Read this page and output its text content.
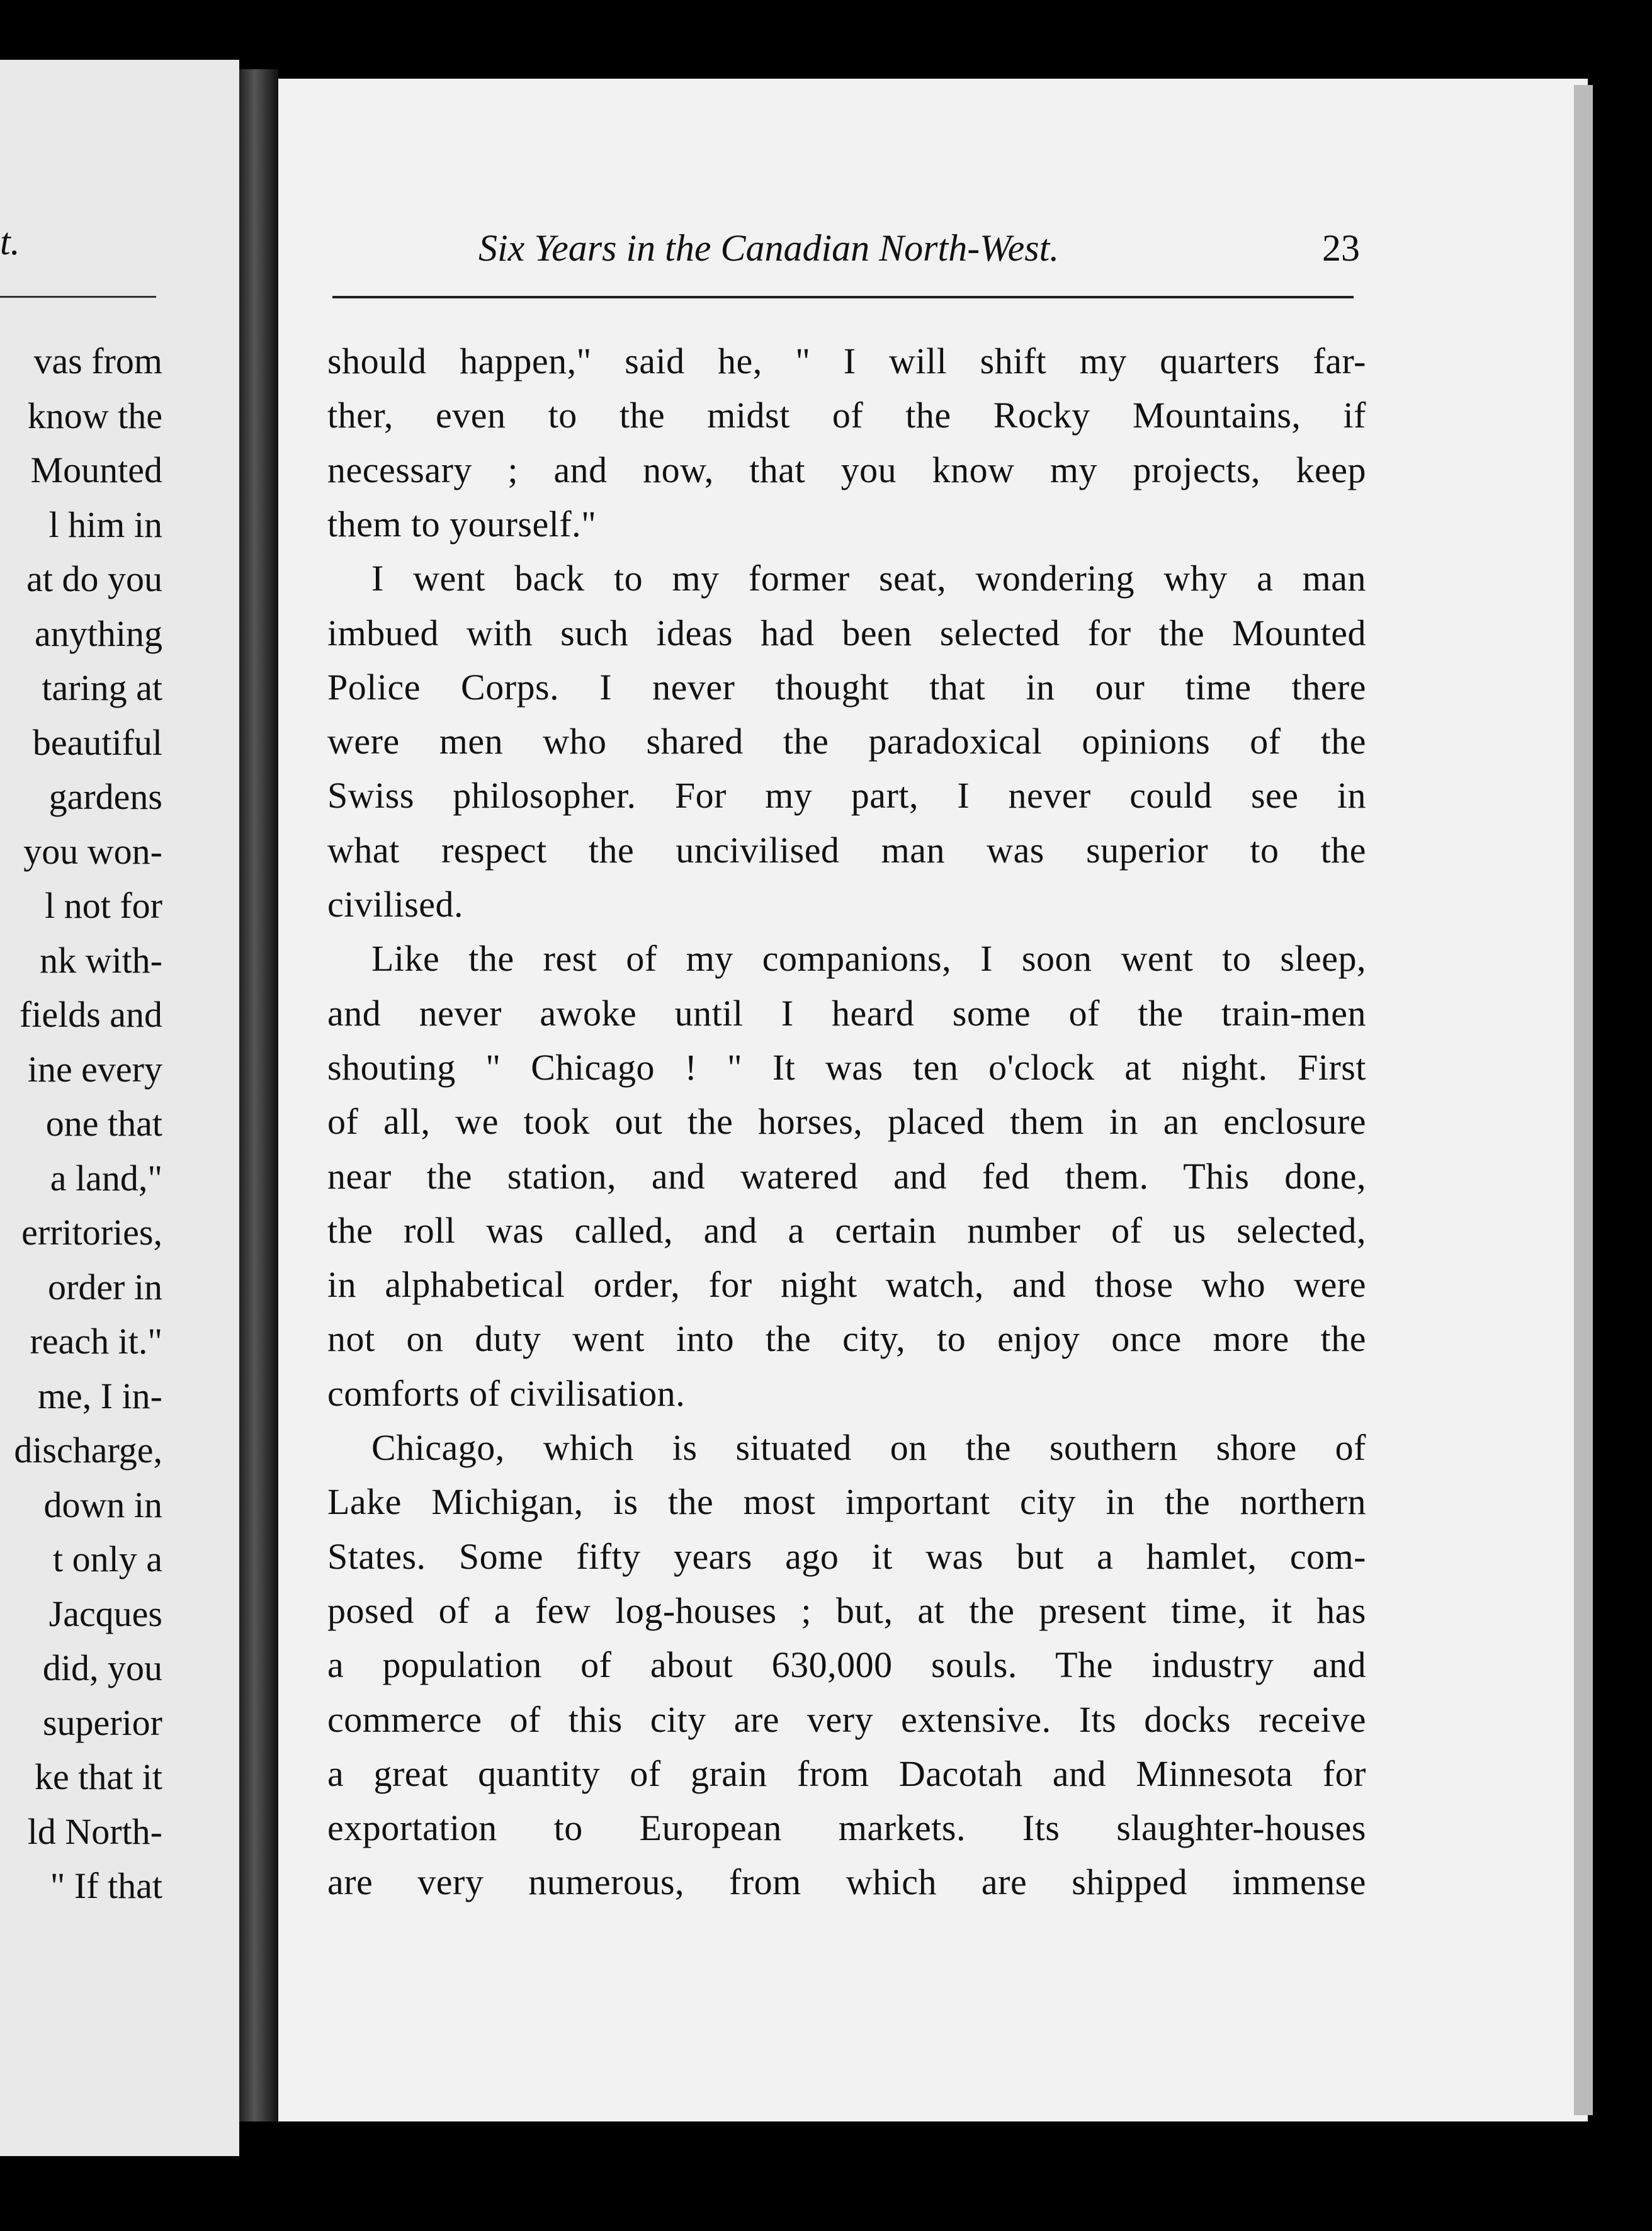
t.
vas from
know the
Mounted
l him in
at do you
anything
taring at
beautiful
gardens
you won-
l not for
nk with-
fields and
ine every
one that
a land,"
erritories,
order in
reach it."
me, I in-
discharge,
down in
t only a
Jacques
did, you
superior
ke that it
ld North-
" If that
Six Years in the Canadian North-West.	23
should happen," said he, " I will shift my quarters far-
ther, even to the midst of the Rocky Mountains, if
necessary ; and now, that you know my projects, keep
them to yourself."
I went back to my former seat, wondering why a man
imbued with such ideas had been selected for the Mounted
Police Corps. I never thought that in our time there
were men who shared the paradoxical opinions of the
Swiss philosopher. For my part, I never could see in
what respect the uncivilised man was superior to the
civilised.
Like the rest of my companions, I soon went to sleep,
and never awoke until I heard some of the train-men
shouting " Chicago ! " It was ten o'clock at night. First
of all, we took out the horses, placed them in an enclosure
near the station, and watered and fed them. This done,
the roll was called, and a certain number of us selected,
in alphabetical order, for night watch, and those who were
not on duty went into the city, to enjoy once more the
comforts of civilisation.
Chicago, which is situated on the southern shore of
Lake Michigan, is the most important city in the northern
States. Some fifty years ago it was but a hamlet, com-
posed of a few log-houses ; but, at the present time, it has
a population of about 630,000 souls. The industry and
commerce of this city are very extensive. Its docks receive
a great quantity of grain from Dacotah and Minnesota for
exportation to European markets. Its slaughter-houses
are very numerous, from which are shipped immense
